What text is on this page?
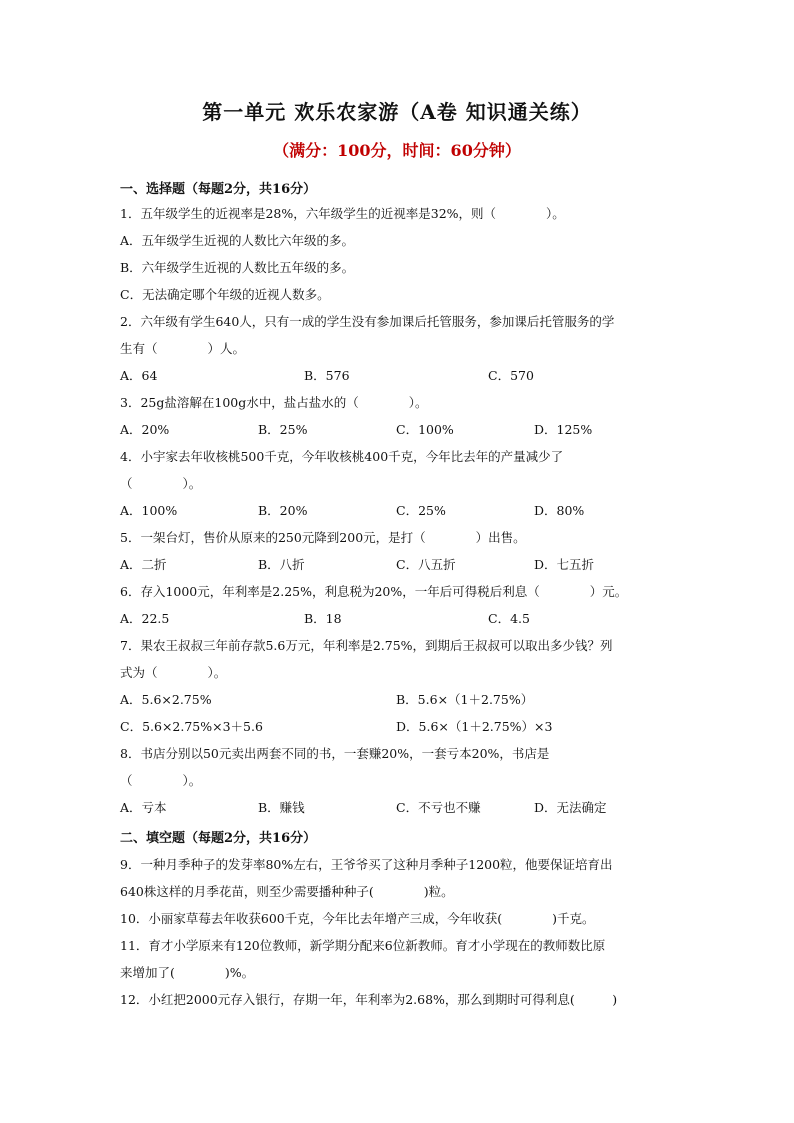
第一单元 欢乐农家游（A卷 知识通关练）
（满分：100分，时间：60分钟）
一、选择题（每题2分，共16分）
1．五年级学生的近视率是28%，六年级学生的近视率是32%，则（　　　　）。
A．五年级学生近视的人数比六年级的多。
B．六年级学生近视的人数比五年级的多。
C．无法确定哪个年级的近视人数多。
2．六年级有学生640人，只有一成的学生没有参加课后托管服务，参加课后托管服务的学
生有（　　　　）人。
A．64	B．576	C．570
3．25g盐溶解在100g水中，盐占盐水的（　　　　）。
A．20%	B．25%	C．100%	D．125%
4．小宇家去年收核桃500千克，今年收核桃400千克，今年比去年的产量减少了
（　　　　）。
A．100%	B．20%	C．25%	D．80%
5．一架台灯，售价从原来的250元降到200元，是打（　　　　）出售。
A．二折	B．八折	C．八五折	D．七五折
6．存入1000元，年利率是2.25%，利息税为20%，一年后可得税后利息（　　　　）元。
A．22.5	B．18	C．4.5
7．果农王叔叔三年前存款5.6万元，年利率是2.75%，到期后王叔叔可以取出多少钱？列
式为（　　　　）。
A．5.6×2.75%	B．5.6×（1＋2.75%）
C．5.6×2.75%×3＋5.6	D．5.6×（1＋2.75%）×3
8．书店分别以50元卖出两套不同的书，一套赚20%，一套亏本20%，书店是
（　　　　）。
A．亏本	B．赚钱	C．不亏也不赚	D．无法确定
二、填空题（每题2分，共16分）
9．一种月季种子的发芽率80%左右，王爷爷买了这种月季种子1200粒，他要保证培育出
640株这样的月季花苗，则至少需要播种种子(　　　　)粒。
10．小丽家草莓去年收获600千克，今年比去年增产三成，今年收获(　　　　)千克。
11．育才小学原来有120位教师，新学期分配来6位新教师。育才小学现在的教师数比原
来增加了(　　　　)%。
12．小红把2000元存入银行，存期一年，年利率为2.68%，那么到期时可得利息(　　　)
